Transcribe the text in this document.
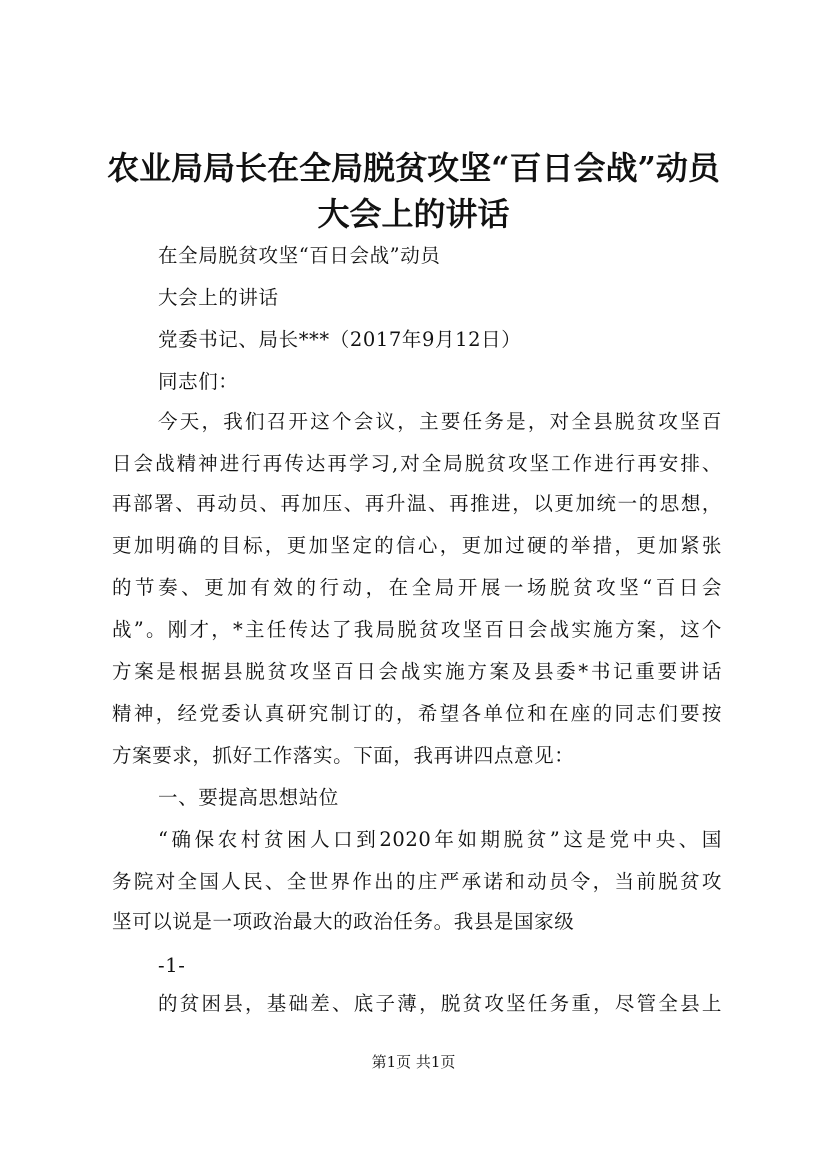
农业局局长在全局脱贫攻坚“百日会战”动员
大会上的讲话

在全局脱贫攻坚“百日会战”动员

大会上的讲话

党委书记、局长***（2017年9月12日）

同志们：

今天，我们召开这个会议，主要任务是，对全县脱贫攻坚百

日会战精神进行再传达再学习,对全局脱贫攻坚工作进行再安排、

再部署、再动员、再加压、再升温、再推进，以更加统一的思想，

更加明确的目标，更加坚定的信心，更加过硬的举措，更加紧张

的节奏、更加有效的行动，在全局开展一场脱贫攻坚“百日会

战”。刚才，*主任传达了我局脱贫攻坚百日会战实施方案，这个

方案是根据县脱贫攻坚百日会战实施方案及县委*书记重要讲话

精神，经党委认真研究制订的，希望各单位和在座的同志们要按

方案要求，抓好工作落实。下面，我再讲四点意见：

一、要提高思想站位

“确保农村贫困人口到2020年如期脱贫”这是党中央、国

务院对全国人民、全世界作出的庄严承诺和动员令，当前脱贫攻

坚可以说是一项政治最大的政治任务。我县是国家级

-1-

的贫困县，基础差、底子薄，脱贫攻坚任务重，尽管全县上

第1页 共1页
